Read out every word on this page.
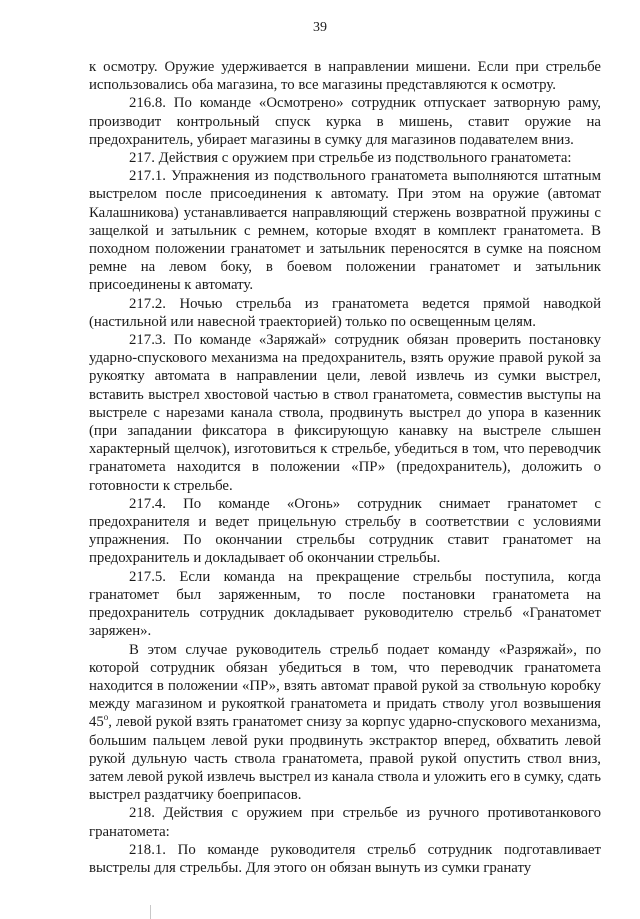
39

к осмотру. Оружие удерживается в направлении мишени. Если при стрельбе использовались оба магазина, то все магазины представляются к осмотру.

216.8. По команде «Осмотрено» сотрудник отпускает затворную раму, производит контрольный спуск курка в мишень, ставит оружие на предохранитель, убирает магазины в сумку для магазинов подавателем вниз.

217. Действия с оружием при стрельбе из подствольного гранатомета:

217.1. Упражнения из подствольного гранатомета выполняются штатным выстрелом после присоединения к автомату. При этом на оружие (автомат Калашникова) устанавливается направляющий стержень возвратной пружины с защелкой и затыльник с ремнем, которые входят в комплект гранатомета. В походном положении гранатомет и затыльник переносятся в сумке на поясном ремне на левом боку, в боевом положении гранатомет и затыльник присоединены к автомату.

217.2. Ночью стрельба из гранатомета ведется прямой наводкой (настильной или навесной траекторией) только по освещенным целям.

217.3. По команде «Заряжай» сотрудник обязан проверить постановку ударно-спускового механизма на предохранитель, взять оружие правой рукой за рукоятку автомата в направлении цели, левой извлечь из сумки выстрел, вставить выстрел хвостовой частью в ствол гранатомета, совместив выступы на выстреле с нарезами канала ствола, продвинуть выстрел до упора в казенник (при западании фиксатора в фиксирующую канавку на выстреле слышен характерный щелчок), изготовиться к стрельбе, убедиться в том, что переводчик гранатомета находится в положении «ПР» (предохранитель), доложить о готовности к стрельбе.

217.4. По команде «Огонь» сотрудник снимает гранатомет с предохранителя и ведет прицельную стрельбу в соответствии с условиями упражнения. По окончании стрельбы сотрудник ставит гранатомет на предохранитель и докладывает об окончании стрельбы.

217.5. Если команда на прекращение стрельбы поступила, когда гранатомет был заряженным, то после постановки гранатомета на предохранитель сотрудник докладывает руководителю стрельб «Гранатомет заряжен».

В этом случае руководитель стрельб подает команду «Разряжай», по которой сотрудник обязан убедиться в том, что переводчик гранатомета находится в положении «ПР», взять автомат правой рукой за ствольную коробку между магазином и рукояткой гранатомета и придать стволу угол возвышения $45^о$, левой рукой взять гранатомет снизу за корпус ударно-спускового механизма, большим пальцем левой руки продвинуть экстрактор вперед, обхватить левой рукой дульную часть ствола гранатомета, правой рукой опустить ствол вниз, затем левой рукой извлечь выстрел из канала ствола и уложить его в сумку, сдать выстрел раздатчику боеприпасов.

218. Действия с оружием при стрельбе из ручного противотанкового гранатомета:

218.1. По команде руководителя стрельб сотрудник подготавливает выстрелы для стрельбы. Для этого он обязан вынуть из сумки гранату
